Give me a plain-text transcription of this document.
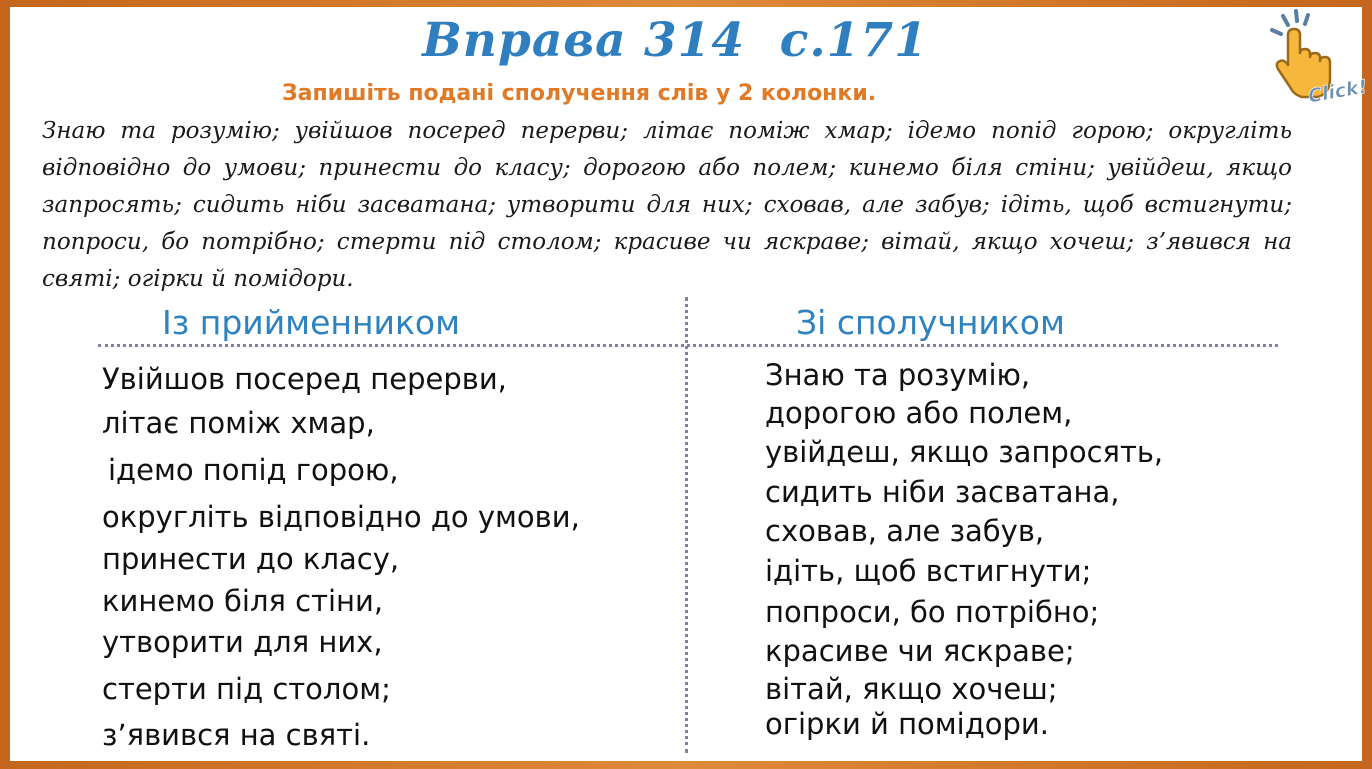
Вправа 314  с.171
Запишіть подані сполучення слів у 2 колонки.
Знаю та розумію; увійшов посеред перерви; літає поміж хмар; ідемо попід горою; округліть відповідно до умови; принести до класу; дорогою або полем; кинемо біля стіни; увійдеш, якщо запросять; сидить ніби засватана; утворити для них; сховав, але забув; ідіть, щоб встигнути; попроси, бо потрібно; стерти під столом; красиве чи яскраве; вітай, якщо хочеш; з’явився на святі; огірки й помідори.
Із прийменником	Зі сполучником
Увійшов посеред перерви,
літає поміж хмар,
ідемо попід горою,
округліть відповідно до умови,
принести до класу,
кинемо біля стіни,
утворити для них,
стерти під столом;
з’явився на святі.
Знаю та розумію,
дорогою або полем,
увійдеш, якщо запросять,
сидить ніби засватана,
сховав, але забув,
ідіть, щоб встигнути;
попроси, бо потрібно;
красиве чи яскраве;
вітай, якщо хочеш;
огірки й помідори.
Click!
